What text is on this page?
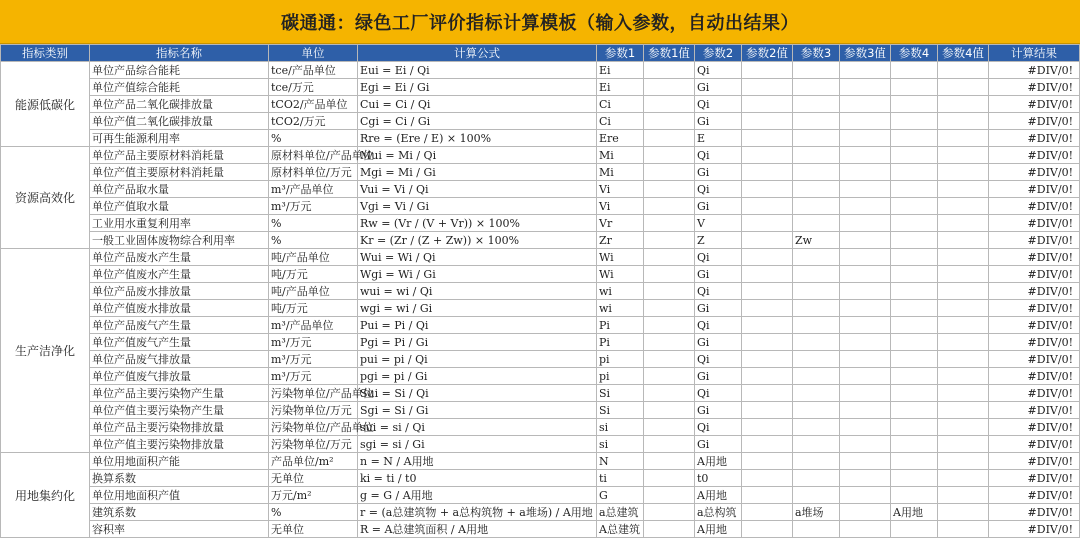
碳通通：绿色工厂评价指标计算模板（输入参数，自动出结果）
指标类别	指标名称	单位	计算公式	参数1	参数1值	参数2	参数2值	参数3	参数3值	参数4	参数4值	计算结果
能源低碳化	单位产品综合能耗	tce/产品单位	Eui = Ei / Qi	Ei		Qi						#DIV/0!
	单位产值综合能耗	tce/万元	Egi = Ei / Gi	Ei		Gi						#DIV/0!
	单位产品二氧化碳排放量	tCO2/产品单位	Cui = Ci / Qi	Ci		Qi						#DIV/0!
	单位产值二氧化碳排放量	tCO2/万元	Cgi = Ci / Gi	Ci		Gi						#DIV/0!
	可再生能源利用率	%	Rre = (Ere / E) × 100%	Ere		E						#DIV/0!
资源高效化	单位产品主要原材料消耗量	原材料单位/产品单位	Mui = Mi / Qi	Mi		Qi						#DIV/0!
	单位产值主要原材料消耗量	原材料单位/万元	Mgi = Mi / Gi	Mi		Gi						#DIV/0!
	单位产品取水量	m³/产品单位	Vui = Vi / Qi	Vi		Qi						#DIV/0!
	单位产值取水量	m³/万元	Vgi = Vi / Gi	Vi		Gi						#DIV/0!
	工业用水重复利用率	%	Rw = (Vr / (V + Vr)) × 100%	Vr		V						#DIV/0!
	一般工业固体废物综合利用率	%	Kr = (Zr / (Z + Zw)) × 100%	Zr		Z		Zw				#DIV/0!
生产洁净化	单位产品废水产生量	吨/产品单位	Wui = Wi / Qi	Wi		Qi						#DIV/0!
	单位产值废水产生量	吨/万元	Wgi = Wi / Gi	Wi		Gi						#DIV/0!
	单位产品废水排放量	吨/产品单位	wui = wi / Qi	wi		Qi						#DIV/0!
	单位产值废水排放量	吨/万元	wgi = wi / Gi	wi		Gi						#DIV/0!
	单位产品废气产生量	m³/产品单位	Pui = Pi / Qi	Pi		Qi						#DIV/0!
	单位产值废气产生量	m³/万元	Pgi = Pi / Gi	Pi		Gi						#DIV/0!
	单位产品废气排放量	m³/万元	pui = pi / Qi	pi		Qi						#DIV/0!
	单位产值废气排放量	m³/万元	pgi = pi / Gi	pi		Gi						#DIV/0!
	单位产品主要污染物产生量	污染物单位/产品单位	Sui = Si / Qi	Si		Qi						#DIV/0!
	单位产值主要污染物产生量	污染物单位/万元	Sgi = Si / Gi	Si		Gi						#DIV/0!
	单位产品主要污染物排放量	污染物单位/产品单位	sui = si / Qi	si		Qi						#DIV/0!
	单位产值主要污染物排放量	污染物单位/万元	sgi = si / Gi	si		Gi						#DIV/0!
用地集约化	单位用地面积产能	产品单位/m²	n = N / A用地	N		A用地						#DIV/0!
	换算系数	无单位	ki = ti / t0	ti		t0						#DIV/0!
	单位用地面积产值	万元/m²	g = G / A用地	G		A用地						#DIV/0!
	建筑系数	%	r = (a总建筑物 + a总构筑物 + a堆场) / A用地	a总建筑		a总构筑		a堆场		A用地		#DIV/0!
	容积率	无单位	R = A总建筑面积 / A用地	A总建筑		A用地						#DIV/0!
